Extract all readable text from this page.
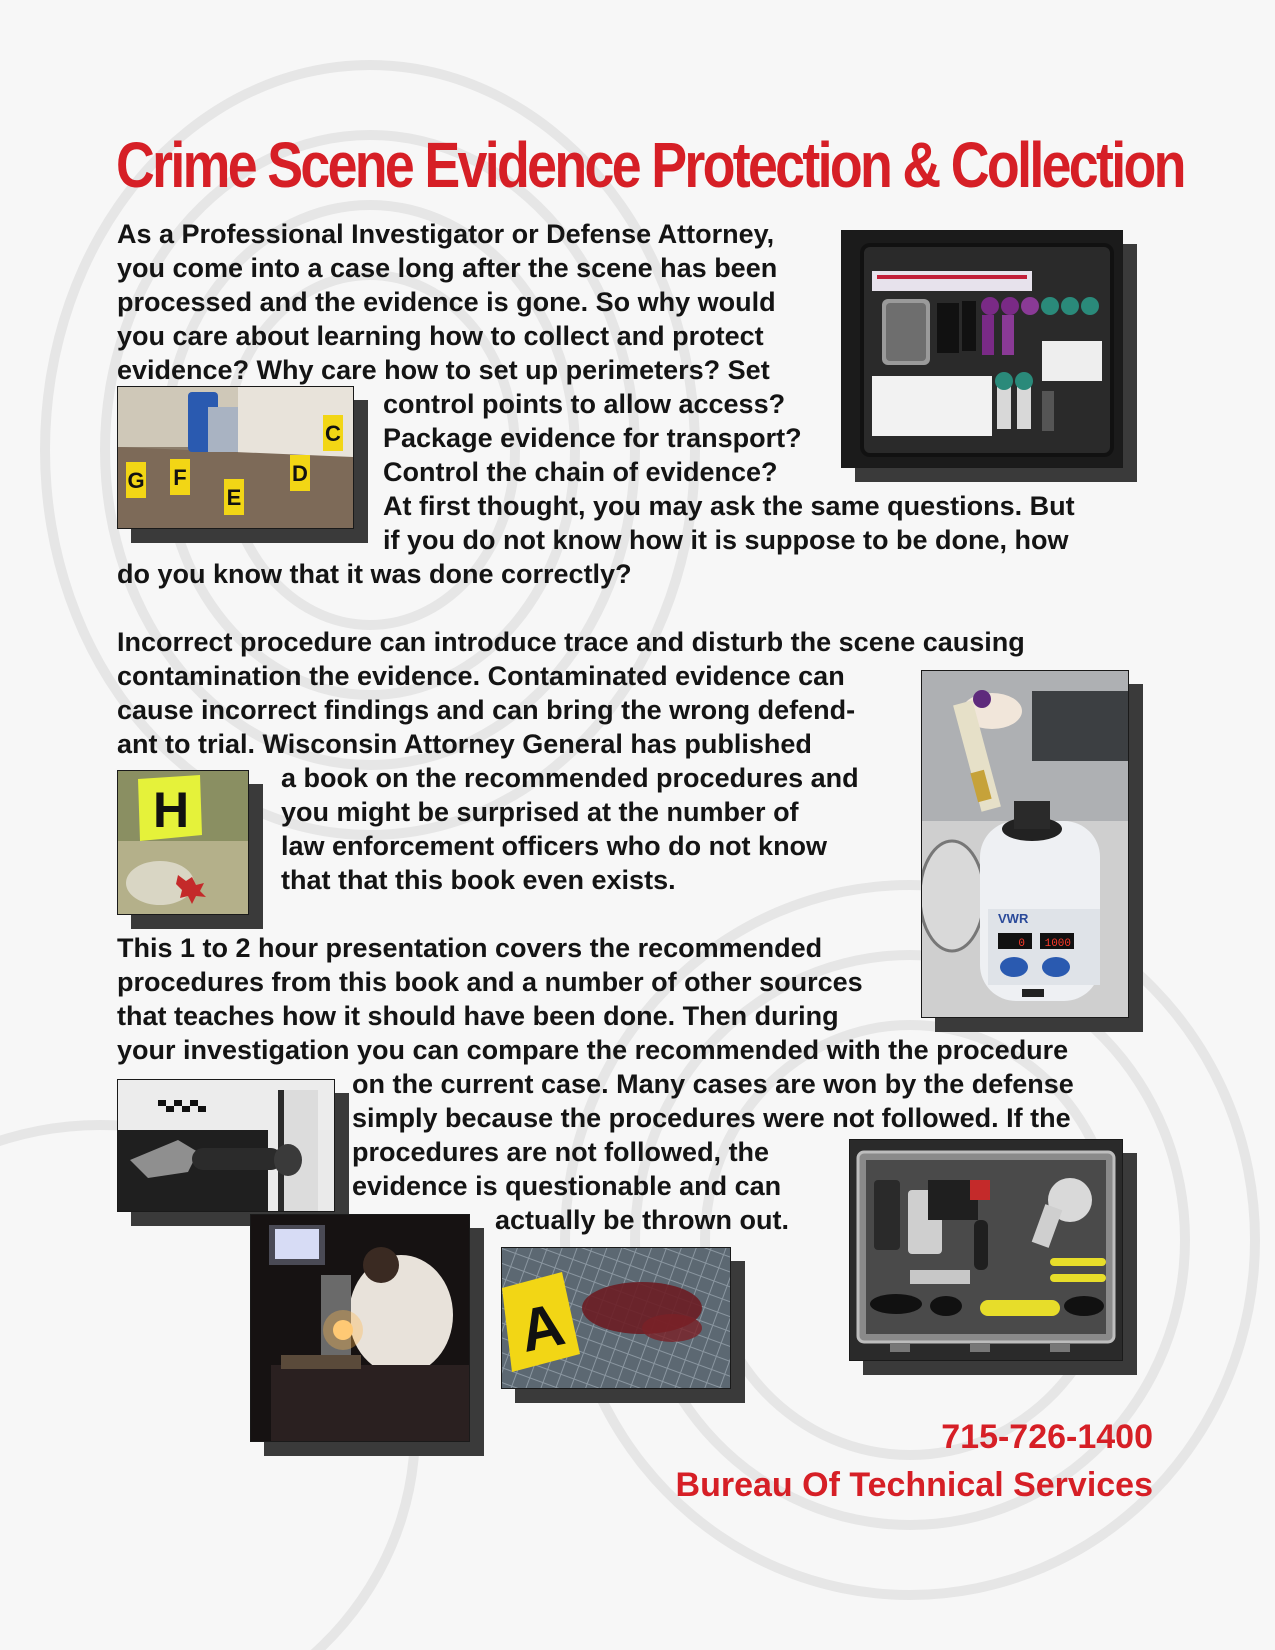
Crime Scene Evidence Protection & Collection
As a Professional Investigator or Defense Attorney,
you come into a case long after the scene has been
processed and the evidence is gone. So why would
you care about learning how to collect and protect
evidence? Why care how to set up perimeters? Set
control points to allow access?
Package evidence for transport?
Control the chain of evidence?
At first thought, you may ask the same questions. But
if you do not know how it is suppose to be done, how
do you know that it was done correctly?
Incorrect procedure can introduce trace and disturb the scene causing
contamination the evidence. Contaminated evidence can
cause incorrect findings and can bring the wrong defend-
ant to trial. Wisconsin Attorney General has published
a book on the recommended procedures and
you might be surprised at the number of
law enforcement officers who do not know
that that this book even exists.
This 1 to 2 hour presentation covers the recommended
procedures from this book and a number of other sources
that teaches how it should have been done. Then during
your investigation you can compare the recommended with the procedure
on the current case. Many cases are won by the defense
simply because the procedures were not followed. If the
procedures are not followed, the
evidence is questionable and can
actually be thrown out.
G F
E
D
C
VWR
0 1000
H
A
715-726-1400
Bureau Of Technical Services
